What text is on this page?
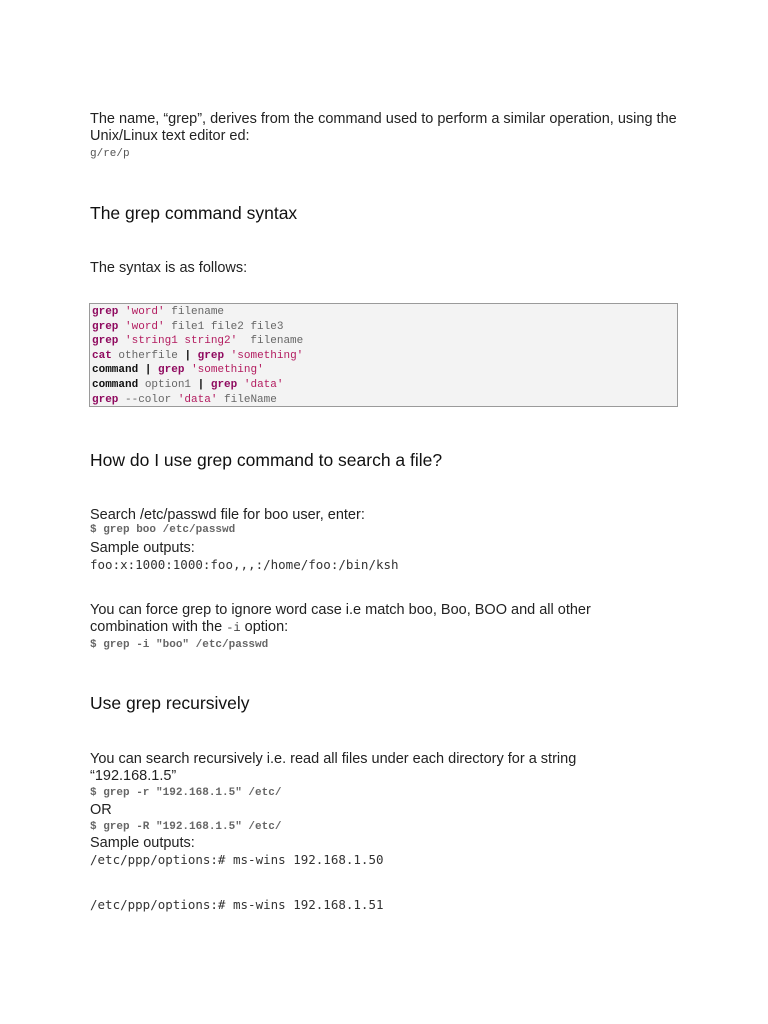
The name, “grep”, derives from the command used to perform a similar operation, using the Unix/Linux text editor ed:

g/re/p

The grep command syntax

The syntax is as follows:

grep 'word' filename
grep 'word' file1 file2 file3
grep 'string1 string2'  filename
cat otherfile | grep 'something'
command | grep 'something'
command option1 | grep 'data'
grep --color 'data' fileName
How do I use grep command to search a file?

Search /etc/passwd file for boo user, enter:

$ grep boo /etc/passwd

Sample outputs:

foo:x:1000:1000:foo,,,:/home/foo:/bin/ksh

You can force grep to ignore word case i.e match boo, Boo, BOO and all other combination with the -i option:

$ grep -i "boo" /etc/passwd

Use grep recursively

You can search recursively i.e. read all files under each directory for a string “192.168.1.5”

$ grep -r "192.168.1.5" /etc/

OR

$ grep -R "192.168.1.5" /etc/

Sample outputs:

/etc/ppp/options:# ms-wins 192.168.1.50

/etc/ppp/options:# ms-wins 192.168.1.51
